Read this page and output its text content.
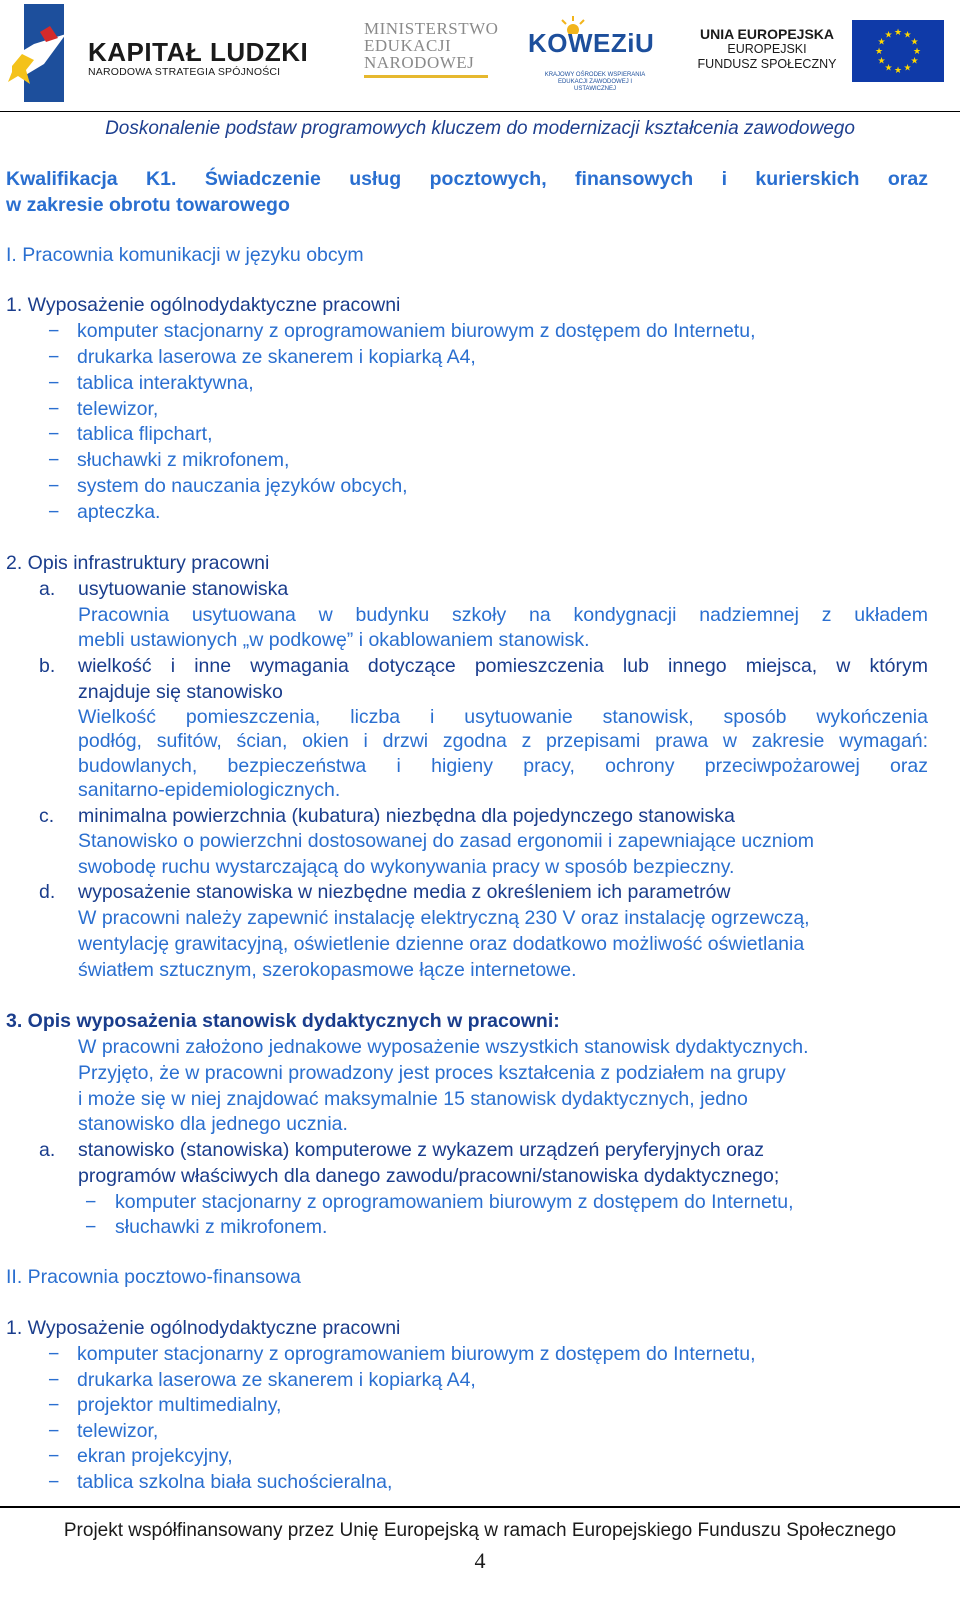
KAPITAŁ LUDZKI
NARODOWA STRATEGIA SPÓJNOŚCI
MINISTERSTWO
EDUKACJI
NARODOWEJ
KOWEZiU
KRAJOWY OŚRODEK WSPIERANIA EDUKACJI ZAWODOWEJ I USTAWICZNEJ
UNIA EUROPEJSKA
EUROPEJSKI
FUNDUSZ SPOŁECZNY
★ ★
★
★
★
★
★
★
★
★
★
★
Doskonalenie podstaw programowych kluczem do modernizacji kształcenia zawodowego
Kwalifikacja K1. Świadczenie usług pocztowych, finansowych i kurierskich oraz
w zakresie obrotu towarowego
I. Pracownia komunikacji w języku obcym
1. Wyposażenie ogólnodydaktyczne pracowni
− komputer stacjonarny z oprogramowaniem biurowym z dostępem do Internetu,
− drukarka laserowa ze skanerem i kopiarką A4,
− tablica interaktywna,
− telewizor,
− tablica flipchart,
− słuchawki z mikrofonem,
− system do nauczania języków obcych,
− apteczka.
2. Opis infrastruktury pracowni
a. usytuowanie stanowiska
Pracownia usytuowana w budynku szkoły na kondygnacji nadziemnej z układem
mebli ustawionych „w podkowę” i okablowaniem stanowisk.
b. wielkość i inne wymagania dotyczące pomieszczenia lub innego miejsca, w którym
znajduje się stanowisko
Wielkość pomieszczenia, liczba i usytuowanie stanowisk, sposób wykończenia
podłóg, sufitów, ścian, okien i drzwi zgodna z przepisami prawa w zakresie wymagań:
budowlanych, bezpieczeństwa i higieny pracy, ochrony przeciwpożarowej oraz
sanitarno-epidemiologicznych.
c. minimalna powierzchnia (kubatura) niezbędna dla pojedynczego stanowiska
Stanowisko o powierzchni dostosowanej do zasad ergonomii i zapewniające uczniom
swobodę ruchu wystarczającą do wykonywania pracy w sposób bezpieczny.
d. wyposażenie stanowiska w niezbędne media z określeniem ich parametrów
W pracowni należy zapewnić instalację elektryczną 230 V oraz instalację ogrzewczą,
wentylację grawitacyjną, oświetlenie dzienne oraz dodatkowo możliwość oświetlania
światłem sztucznym, szerokopasmowe łącze internetowe.
3. Opis wyposażenia stanowisk dydaktycznych w pracowni:
W pracowni założono jednakowe wyposażenie wszystkich stanowisk dydaktycznych.
Przyjęto, że w pracowni prowadzony jest proces kształcenia z podziałem na grupy
i może się w niej znajdować maksymalnie 15 stanowisk dydaktycznych, jedno
stanowisko dla jednego ucznia.
a. stanowisko (stanowiska) komputerowe z wykazem urządzeń peryferyjnych oraz
programów właściwych dla danego zawodu/pracowni/stanowiska dydaktycznego;
− komputer stacjonarny z oprogramowaniem biurowym z dostępem do Internetu,
− słuchawki z mikrofonem.
II. Pracownia pocztowo-finansowa
1. Wyposażenie ogólnodydaktyczne pracowni
− komputer stacjonarny z oprogramowaniem biurowym z dostępem do Internetu,
− drukarka laserowa ze skanerem i kopiarką A4,
− projektor multimedialny,
− telewizor,
− ekran projekcyjny,
− tablica szkolna biała suchościeralna,
Projekt współfinansowany przez Unię Europejską w ramach Europejskiego Funduszu Społecznego
4
